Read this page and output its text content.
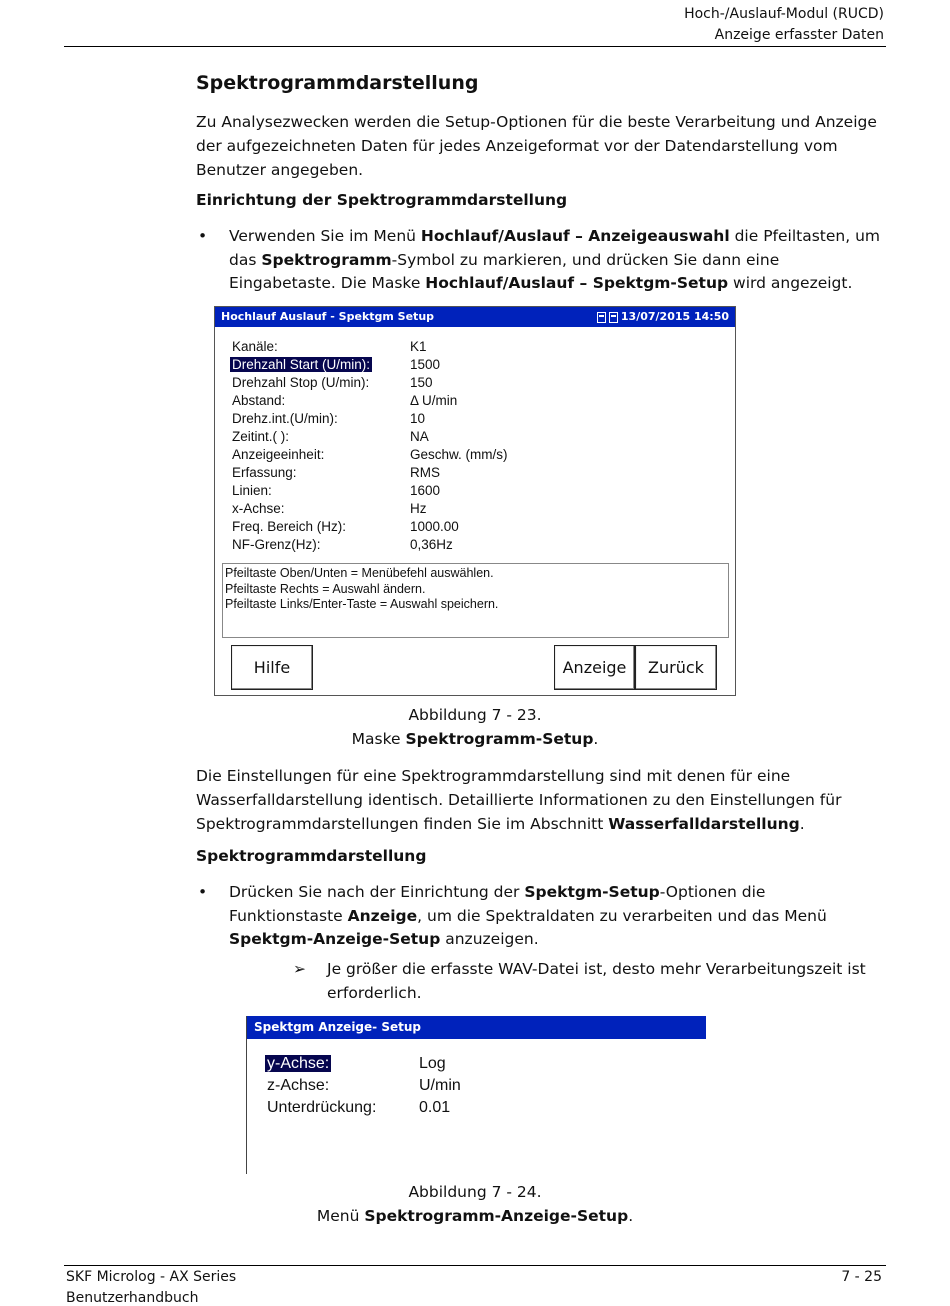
Hoch-/Auslauf-Modul (RUCD)
Anzeige erfasster Daten
Spektrogrammdarstellung

Zu Analysezwecken werden die Setup-Optionen für die beste Verarbeitung und Anzeige der aufgezeichneten Daten für jedes Anzeigeformat vor der Datendarstellung vom Benutzer angegeben.

Einrichtung der Spektrogrammdarstellung
• Verwenden Sie im Menü Hochlauf/Auslauf – Anzeigeauswahl die Pfeiltasten, um das Spektrogramm-Symbol zu markieren, und drücken Sie dann eine Eingabetaste. Die Maske Hochlauf/Auslauf – Spektgm-Setup wird angezeigt.
Hochlauf Auslauf - Spektgm Setup	13/07/2015 14:50
Kanäle:	K1
Drehzahl Start (U/min):	1500
Drehzahl Stop (U/min):	150
Abstand:	Δ U/min
Drehz.int.(U/min):	10
Zeitint.( ):	NA
Anzeigeeinheit:	Geschw. (mm/s)
Erfassung:	RMS
Linien:	1600
x-Achse:	Hz
Freq. Bereich (Hz):	1000.00
NF-Grenz(Hz):	0,36Hz
Pfeiltaste Oben/Unten = Menübefehl auswählen.
Pfeiltaste Rechts = Auswahl ändern.
Pfeiltaste Links/Enter-Taste = Auswahl speichern.
Hilfe	Anzeige	Zurück
Abbildung 7 - 23.
Maske Spektrogramm-Setup.

Die Einstellungen für eine Spektrogrammdarstellung sind mit denen für eine Wasserfalldarstellung identisch. Detaillierte Informationen zu den Einstellungen für Spektrogrammdarstellungen finden Sie im Abschnitt Wasserfalldarstellung.

Spektrogrammdarstellung
• Drücken Sie nach der Einrichtung der Spektgm-Setup-Optionen die Funktionstaste Anzeige, um die Spektraldaten zu verarbeiten und das Menü Spektgm-Anzeige-Setup anzuzeigen.
➢ Je größer die erfasste WAV-Datei ist, desto mehr Verarbeitungszeit ist erforderlich.
Spektgm Anzeige- Setup
y-Achse:	Log
z-Achse:	U/min
Unterdrückung:	0.01
Abbildung 7 - 24.
Menü Spektrogramm-Anzeige-Setup.
SKF Microlog - AX Series
Benutzerhandbuch
7 - 25
